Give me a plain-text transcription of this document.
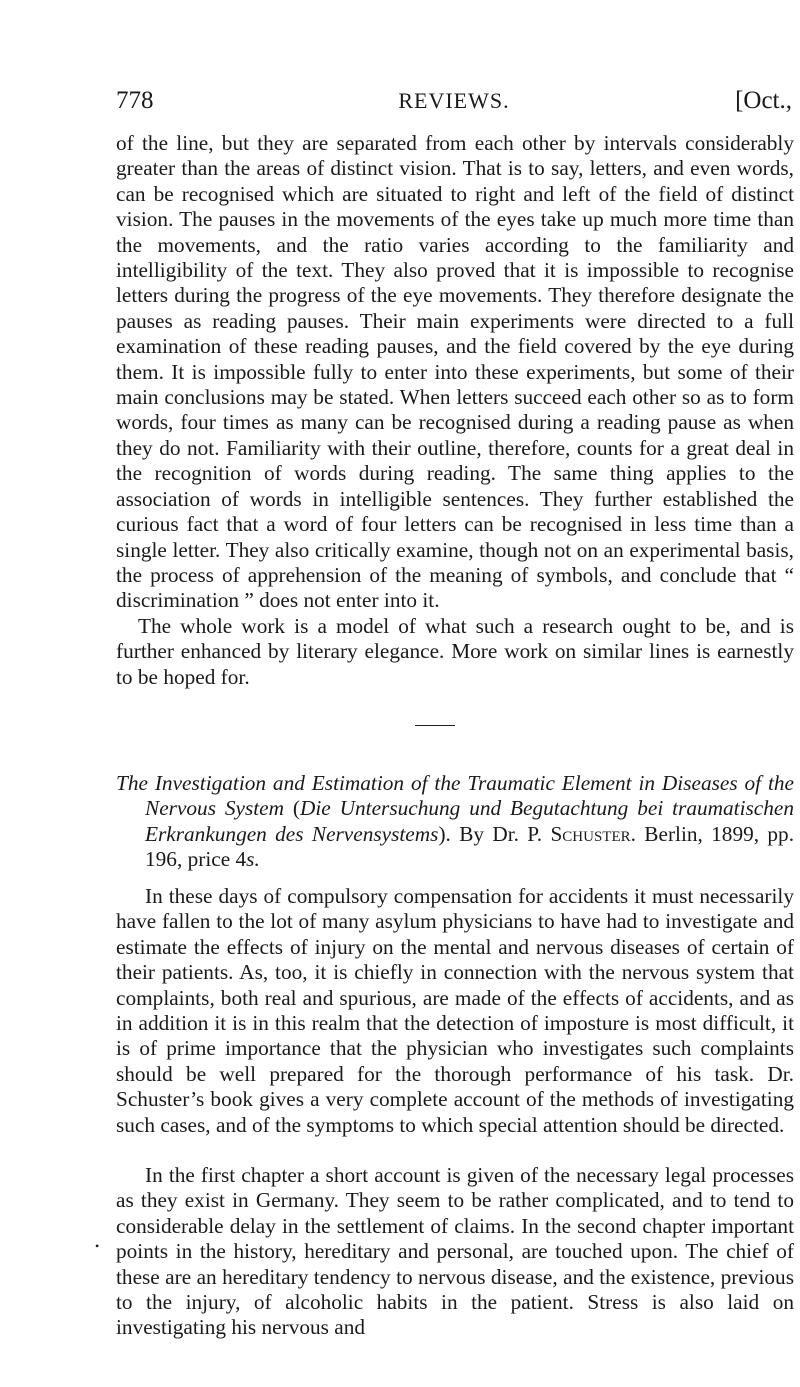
778	REVIEWS.	[Oct.,

of the line, but they are separated from each other by intervals considerably greater than the areas of distinct vision. That is to say, letters, and even words, can be recognised which are situated to right and left of the field of distinct vision. The pauses in the movements of the eyes take up much more time than the movements, and the ratio varies according to the familiarity and intelligibility of the text. They also proved that it is impossible to recognise letters during the progress of the eye movements. They therefore designate the pauses as reading pauses. Their main experiments were directed to a full examination of these reading pauses, and the field covered by the eye during them. It is impossible fully to enter into these experiments, but some of their main conclusions may be stated. When letters succeed each other so as to form words, four times as many can be recognised during a reading pause as when they do not. Familiarity with their outline, therefore, counts for a great deal in the recognition of words during reading. The same thing applies to the association of words in intelligible sentences. They further established the curious fact that a word of four letters can be recognised in less time than a single letter. They also critically examine, though not on an experimental basis, the process of apprehension of the meaning of symbols, and conclude that “ discrimination ” does not enter into it.

The whole work is a model of what such a research ought to be, and is further enhanced by literary elegance. More work on similar lines is earnestly to be hoped for.

The Investigation and Estimation of the Traumatic Element in Diseases of the Nervous System (Die Untersuchung und Begutachtung bei traumatischen Erkrankungen des Nervensystems). By Dr. P. Schuster. Berlin, 1899, pp. 196, price 4s.

In these days of compulsory compensation for accidents it must necessarily have fallen to the lot of many asylum physicians to have had to investigate and estimate the effects of injury on the mental and nervous diseases of certain of their patients. As, too, it is chiefly in connection with the nervous system that complaints, both real and spurious, are made of the effects of accidents, and as in addition it is in this realm that the detection of imposture is most difficult, it is of prime importance that the physician who investigates such complaints should be well prepared for the thorough performance of his task. Dr. Schuster’s book gives a very complete account of the methods of investigating such cases, and of the symptoms to which special attention should be directed.

In the first chapter a short account is given of the necessary legal processes as they exist in Germany. They seem to be rather complicated, and to tend to considerable delay in the settlement of claims. In the second chapter important points in the history, hereditary and personal, are touched upon. The chief of these are an hereditary tendency to nervous disease, and the existence, previous to the injury, of alcoholic habits in the patient. Stress is also laid on investigating his nervous and

•
